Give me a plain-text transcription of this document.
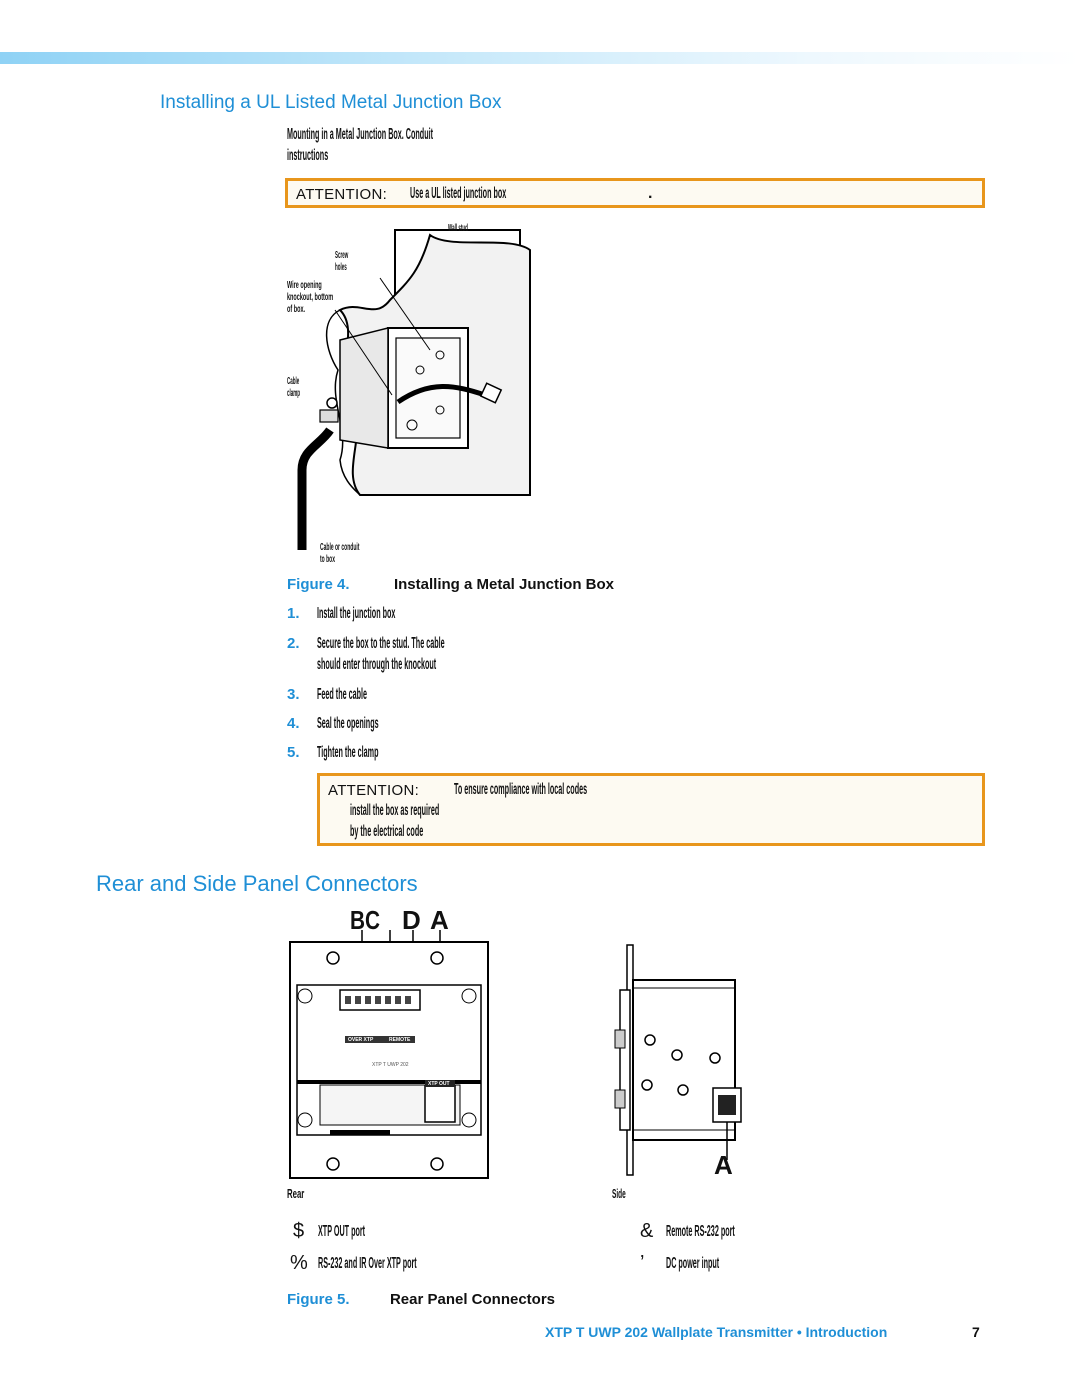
Installing a UL Listed Metal Junction Box
Mounting in a Metal Junction Box. Conduit
instructions
ATTENTION: Use a UL listed junction box	.
Wall stud
Screw holes
Wire opening knockout, bottom of box.
Cable clamp
Cable or conduit to box
Figure 4.	Installing a Metal Junction Box
1. Install the junction box
2. Secure the box to the stud. The cable
should enter through the knockout
3. Feed the cable
4. Seal the openings
5. Tighten the clamp
ATTENTION: To ensure compliance with local codes
install the box as required
by the electrical code
Rear and Side Panel Connectors
BC D A
OVER XTP	REMOTE
XTP T UWP 202
XTP OUT
A
Rear	Side
$ XTP OUT port
% RS-232 and IR Over XTP port
& Remote RS-232 port
’ DC power input
Figure 5.	Rear Panel Connectors
XTP T UWP 202 Wallplate Transmitter • Introduction	7
